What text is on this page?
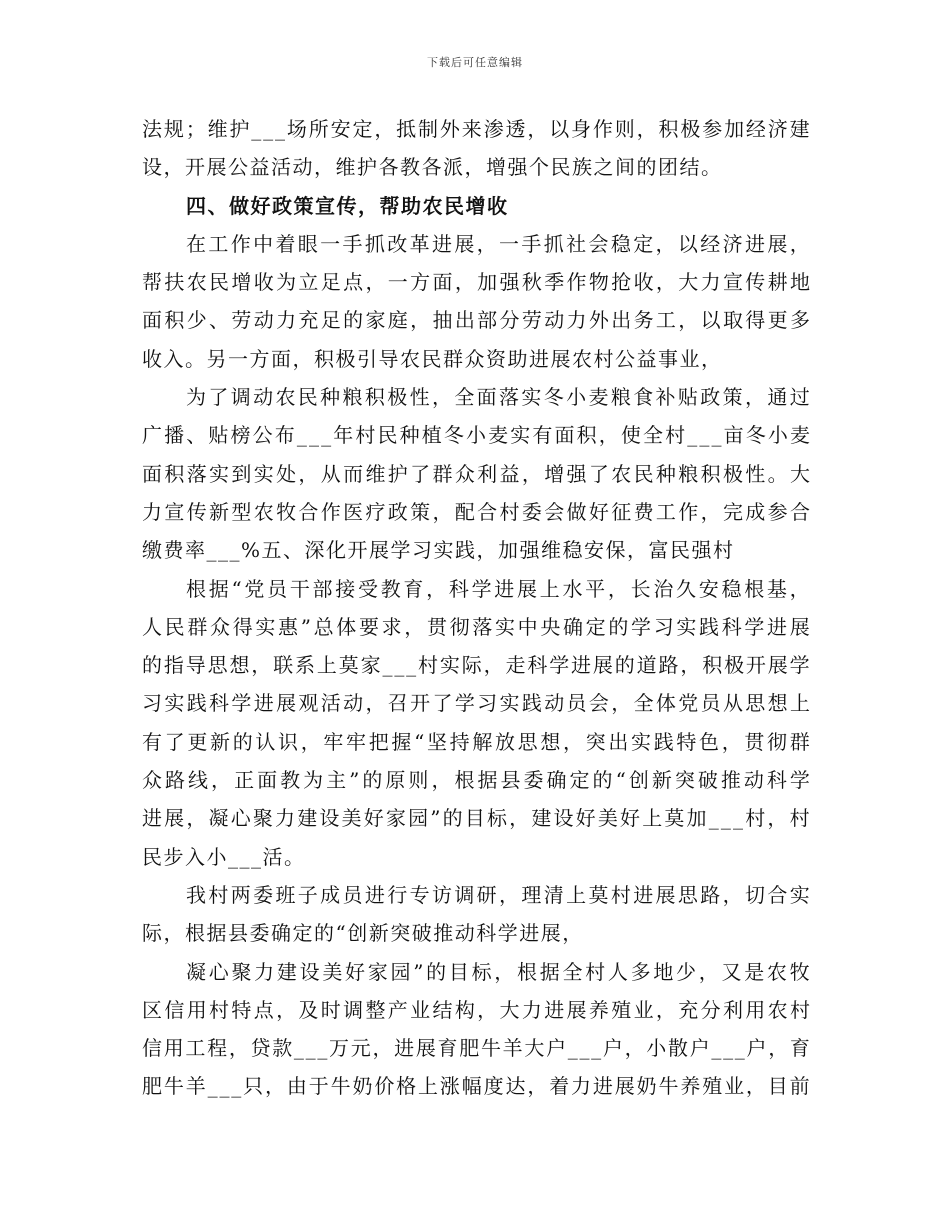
下载后可任意编辑
法 规 ； 维 护 _ _ _ 场 所 安 定 ， 抵 制 外 来 渗 透 ， 以 身 作 则 ， 积 极 参 加 经 济 建
设，开展公益活动，维护各教各派，增强个民族之间的团结。
四、做好政策宣传，帮助农民增收
在 工 作 中 着 眼 一 手 抓 改 革 进 展 ， 一 手 抓 社 会 稳 定 ， 以 经 济 进 展 ，
帮 扶 农 民 增 收 为 立 足 点 ， 一 方 面 ， 加 强 秋 季 作 物 抢 收 ， 大 力 宣 传 耕 地
面 积 少 、 劳 动 力 充 足 的 家 庭 ， 抽 出 部 分 劳 动 力 外 出 务 工 ， 以 取 得 更 多
收入。另一方面，积极引导农民群众资助进展农村公益事业，
为 了 调 动 农 民 种 粮 积 极 性 ， 全 面 落 实 冬 小 麦 粮 食 补 贴 政 策 ， 通 过
广 播 、 贴 榜 公 布 _ _ _ 年 村 民 种 植 冬 小 麦 实 有 面 积 ， 使 全 村 _ _ _ 亩 冬 小 麦
面 积 落 实 到 实 处 ， 从 而 维 护 了 群 众 利 益 ， 增 强 了 农 民 种 粮 积 极 性 。 大
力 宣 传 新 型 农 牧 合 作 医 疗 政 策 ， 配 合 村 委 会 做 好 征 费 工 作 ， 完 成 参 合
缴费率___%五、深化开展学习实践，加强维稳安保，富民强村
根 据 “ 党 员 干 部 接 受 教 育 ， 科 学 进 展 上 水 平 ， 长 治 久 安 稳 根 基 ，
人 民 群 众 得 实 惠 ” 总 体 要 求 ， 贯 彻 落 实 中 央 确 定 的 学 习 实 践 科 学 进 展
的 指 导 思 想 ， 联 系 上 莫 家 _ _ _ 村 实 际 ， 走 科 学 进 展 的 道 路 ， 积 极 开 展 学
习 实 践 科 学 进 展 观 活 动 ， 召 开 了 学 习 实 践 动 员 会 ， 全 体 党 员 从 思 想 上
有 了 更 新 的 认 识 ， 牢 牢 把 握 “ 坚 持 解 放 思 想 ， 突 出 实 践 特 色 ， 贯 彻 群
众 路 线 ， 正 面 教 为 主 ” 的 原 则 ， 根 据 县 委 确 定 的 “ 创 新 突 破 推 动 科 学
进 展 ， 凝 心 聚 力 建 设 美 好 家 园 ” 的 目 标 ， 建 设 好 美 好 上 莫 加 _ _ _ 村 ， 村
民步入小___活。
我 村 两 委 班 子 成 员 进 行 专 访 调 研 ， 理 清 上 莫 村 进 展 思 路 ， 切 合 实
际，根据县委确定的“创新突破推动科学进展，
凝 心 聚 力 建 设 美 好 家 园 ” 的 目 标 ， 根 据 全 村 人 多 地 少 ， 又 是 农 牧
区 信 用 村 特 点 ， 及 时 调 整 产 业 结 构 ， 大 力 进 展 养 殖 业 ， 充 分 利 用 农 村
信 用 工 程 ， 贷 款 _ _ _ 万 元 ， 进 展 育 肥 牛 羊 大 户 _ _ _ 户 ， 小 散 户 _ _ _ 户 ， 育
肥 牛 羊 _ _ _ 只 ， 由 于 牛 奶 价 格 上 涨 幅 度 达 ， 着 力 进 展 奶 牛 养 殖 业 ， 目 前
